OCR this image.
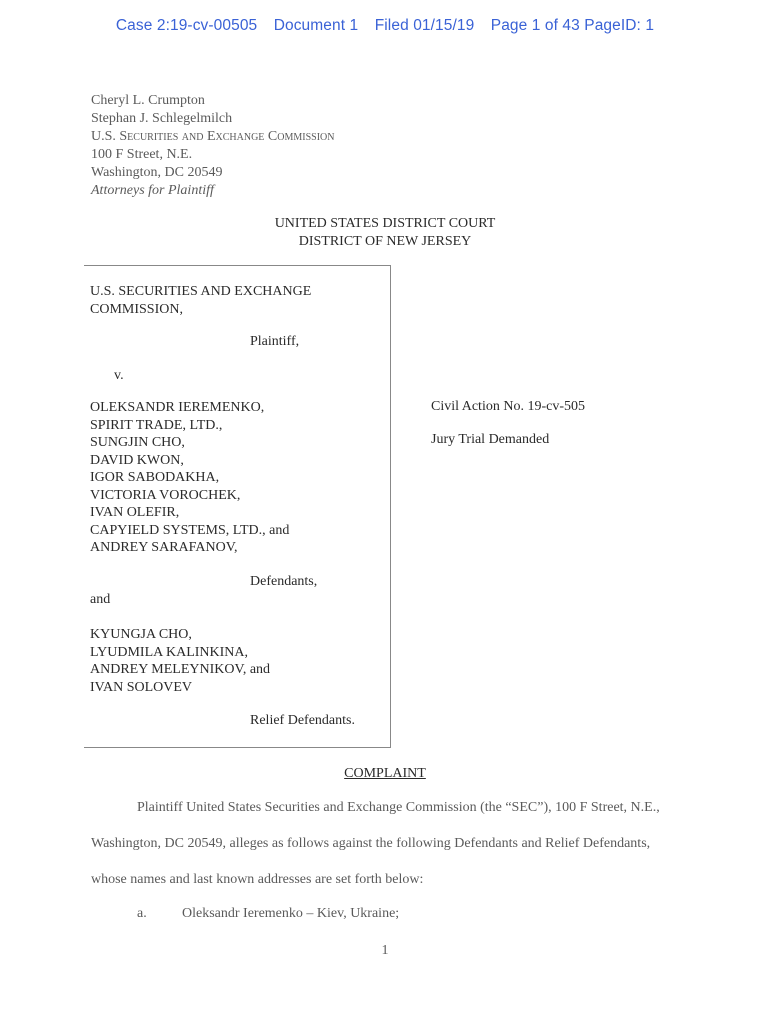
Case 2:19-cv-00505 Document 1 Filed 01/15/19 Page 1 of 43 PageID: 1
Cheryl L. Crumpton
Stephan J. Schlegelmilch
U.S. Securities and Exchange Commission
100 F Street, N.E.
Washington, DC 20549
Attorneys for Plaintiff
UNITED STATES DISTRICT COURT
DISTRICT OF NEW JERSEY
U.S. SECURITIES AND EXCHANGE
COMMISSION,
Plaintiff,
v.
OLEKSANDR IEREMENKO,
SPIRIT TRADE, LTD.,
SUNGJIN CHO,
DAVID KWON,
IGOR SABODAKHA,
VICTORIA VOROCHEK,
IVAN OLEFIR,
CAPYIELD SYSTEMS, LTD., and
ANDREY SARAFANOV,
Defendants,
and
KYUNGJA CHO,
LYUDMILA KALINKINA,
ANDREY MELEYNIKOV, and
IVAN SOLOVEV
Relief Defendants.
Civil Action No. 19-cv-505
Jury Trial Demanded
COMPLAINT
Plaintiff United States Securities and Exchange Commission (the “SEC”), 100 F Street, N.E.,
Washington, DC 20549, alleges as follows against the following Defendants and Relief Defendants,
whose names and last known addresses are set forth below:
a.	Oleksandr Ieremenko – Kiev, Ukraine;
1
